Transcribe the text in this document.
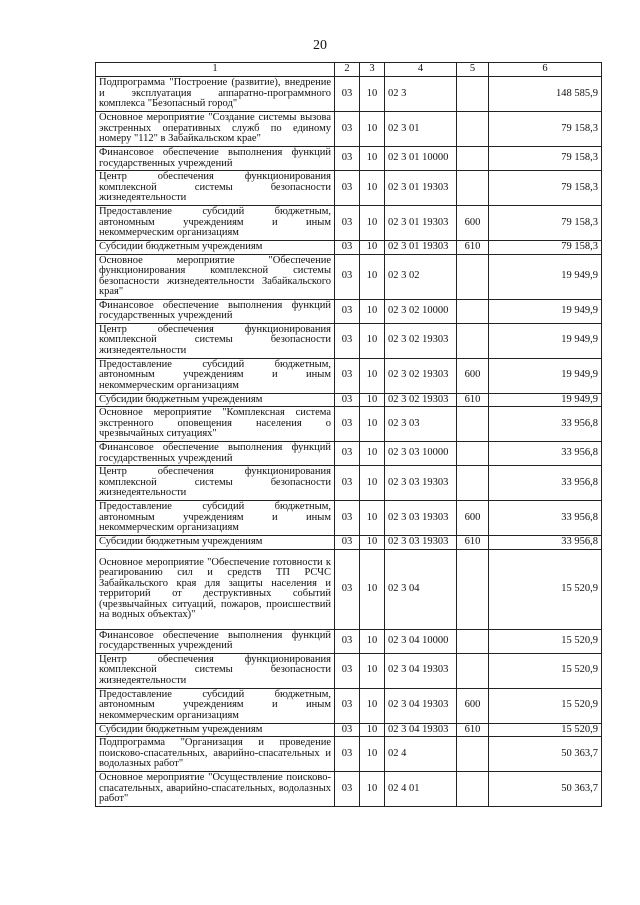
20
1	2	3	4	5	6
Подпрограмма "Построение (развитие), внедрение и эксплуатация аппаратно-программного комплекса "Безопасный город"	03	10	02 3		148 585,9
Основное мероприятие "Создание системы вызова экстренных оперативных служб по единому номеру "112" в Забайкальском крае"	03	10	02 3 01		79 158,3
Финансовое обеспечение выполнения функций государственных учреждений	03	10	02 3 01 10000		79 158,3
Центр обеспечения функционирования комплексной системы безопасности жизнедеятельности	03	10	02 3 01 19303		79 158,3
Предоставление субсидий бюджетным, автономным учреждениям и иным некоммерческим организациям	03	10	02 3 01 19303	600	79 158,3
Субсидии бюджетным учреждениям	03	10	02 3 01 19303	610	79 158,3
Основное мероприятие "Обеспечение функционирования комплексной системы безопасности жизнедеятельности Забайкальского края"	03	10	02 3 02		19 949,9
Финансовое обеспечение выполнения функций государственных учреждений	03	10	02 3 02 10000		19 949,9
Центр обеспечения функционирования комплексной системы безопасности жизнедеятельности	03	10	02 3 02 19303		19 949,9
Предоставление субсидий бюджетным, автономным учреждениям и иным некоммерческим организациям	03	10	02 3 02 19303	600	19 949,9
Субсидии бюджетным учреждениям	03	10	02 3 02 19303	610	19 949,9
Основное мероприятие "Комплексная система экстренного оповещения населения о чрезвычайных ситуациях"	03	10	02 3 03		33 956,8
Финансовое обеспечение выполнения функций государственных учреждений	03	10	02 3 03 10000		33 956,8
Центр обеспечения функционирования комплексной системы безопасности жизнедеятельности	03	10	02 3 03 19303		33 956,8
Предоставление субсидий бюджетным, автономным учреждениям и иным некоммерческим организациям	03	10	02 3 03 19303	600	33 956,8
Субсидии бюджетным учреждениям	03	10	02 3 03 19303	610	33 956,8
Основное мероприятие "Обеспечение готовности к реагированию сил и средств ТП РСЧС Забайкальского края для защиты населения и территорий от деструктивных событий (чрезвычайных ситуаций, пожаров, происшествий на водных объектах)"	03	10	02 3 04		15 520,9
Финансовое обеспечение выполнения функций государственных учреждений	03	10	02 3 04 10000		15 520,9
Центр обеспечения функционирования комплексной системы безопасности жизнедеятельности	03	10	02 3 04 19303		15 520,9
Предоставление субсидий бюджетным, автономным учреждениям и иным некоммерческим организациям	03	10	02 3 04 19303	600	15 520,9
Субсидии бюджетным учреждениям	03	10	02 3 04 19303	610	15 520,9
Подпрограмма "Организация и проведение поисково-спасательных, аварийно-спасательных и водолазных работ"	03	10	02 4		50 363,7
Основное мероприятие "Осуществление поисково-спасательных, аварийно-спасательных, водолазных работ"	03	10	02 4 01		50 363,7
